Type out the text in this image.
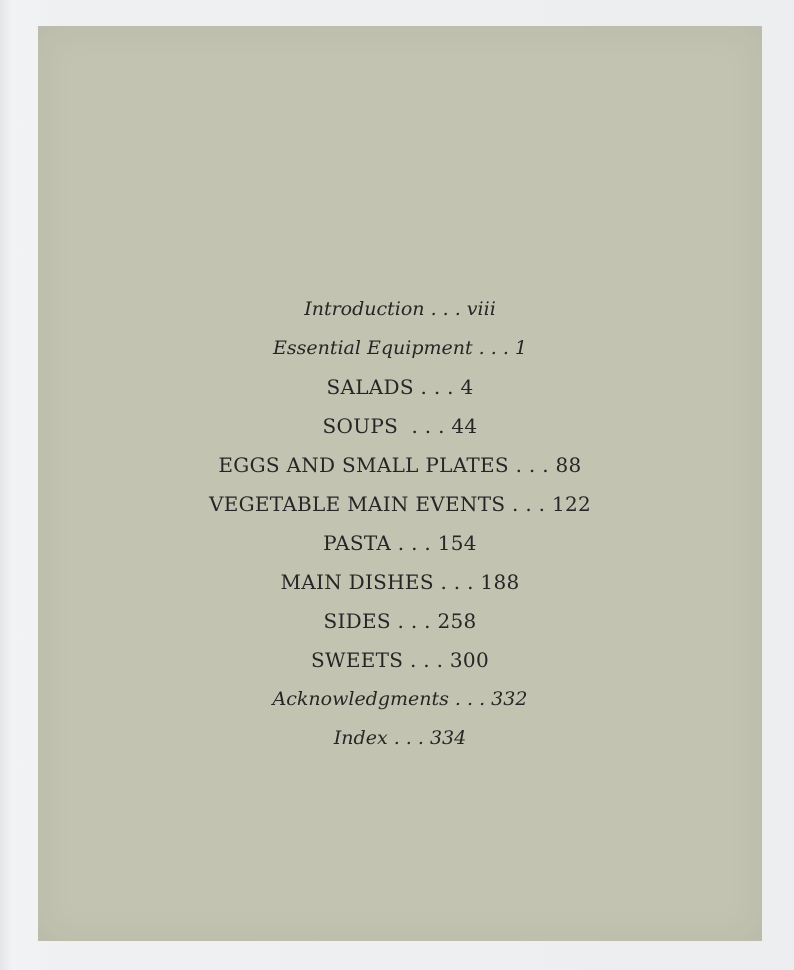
Introduction . . . viii
Essential Equipment . . . 1
SALADS . . . 4
SOUPS  . . . 44
EGGS AND SMALL PLATES . . . 88
VEGETABLE MAIN EVENTS . . . 122
PASTA . . . 154
MAIN DISHES . . . 188
SIDES . . . 258
SWEETS . . . 300
Acknowledgments . . . 332
Index . . . 334
